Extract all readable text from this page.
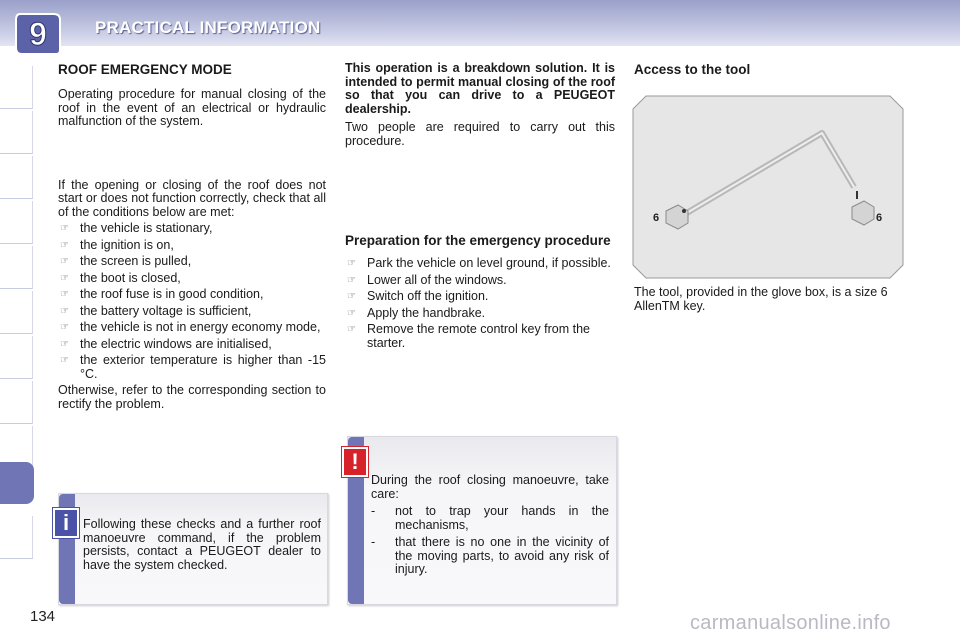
9	PRACTICAL INFORMATION
ROOF EMERGENCY MODE

Operating procedure for manual closing of the roof in the event of an electrical or hydraulic malfunction of the system.

If the opening or closing of the roof does not start or does not function correctly, check that all of the conditions below are met:

☞ the vehicle is stationary,
☞ the ignition is on,
☞ the screen is pulled,
☞ the boot is closed,
☞ the roof fuse is in good condition,
☞ the battery voltage is sufficient,
☞ the vehicle is not in energy economy mode,
☞ the electric windows are initialised,
☞ the exterior temperature is higher than -15 °C.

Otherwise, refer to the corresponding section to rectify the problem.

i	Following these checks and a further roof manoeuvre command, if the problem persists, contact a PEUGEOT dealer to have the system checked.

This operation is a breakdown solution. It is intended to permit manual closing of the roof so that you can drive to a PEUGEOT dealership.

Two people are required to carry out this procedure.

Preparation for the emergency procedure
☞ Park the vehicle on level ground, if possible.
☞ Lower all of the windows.
☞ Switch off the ignition.
☞ Apply the handbrake.
☞ Remove the remote control key from the starter.
!

During the roof closing manoeuvre, take care:

- not to trap your hands in the mechanisms,
- that there is no one in the vicinity of the moving parts, to avoid any risk of injury.
Access to the tool
6	6

The tool, provided in the glove box, is a size 6 AllenTM key.

134	carmanualsonline.info
